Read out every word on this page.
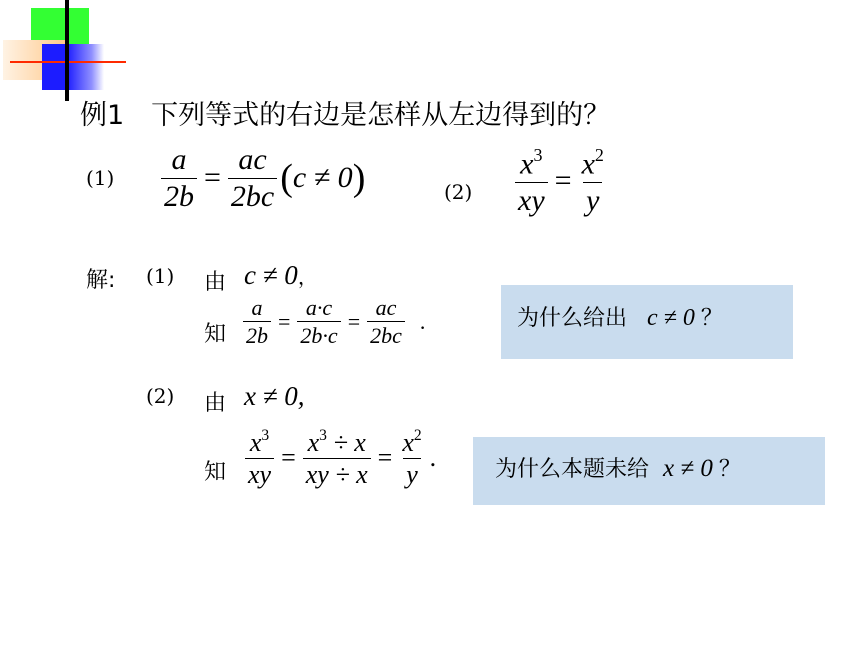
例1　下列等式的右边是怎样从左边得到的？
$(1) \frac{a}{2b} = \frac{ac}{2bc}$ ( c ≠ 0 )	$(2) \frac{x^3}{xy} = \frac{x^2}{y}$
解: (1) 由 c ≠ 0，
知 $\frac{a}{2b} = \frac{a\cdot c}{2b\cdot c} = \frac{ac}{2bc}$ .	为什么给出 c ≠ 0 ？
(2) 由 x ≠ 0,
知 $\frac{x^3}{xy} = \frac{x^3 \div x}{xy \div x} = \frac{x^2}{y}$ .	为什么本题未给 x ≠ 0 ？
